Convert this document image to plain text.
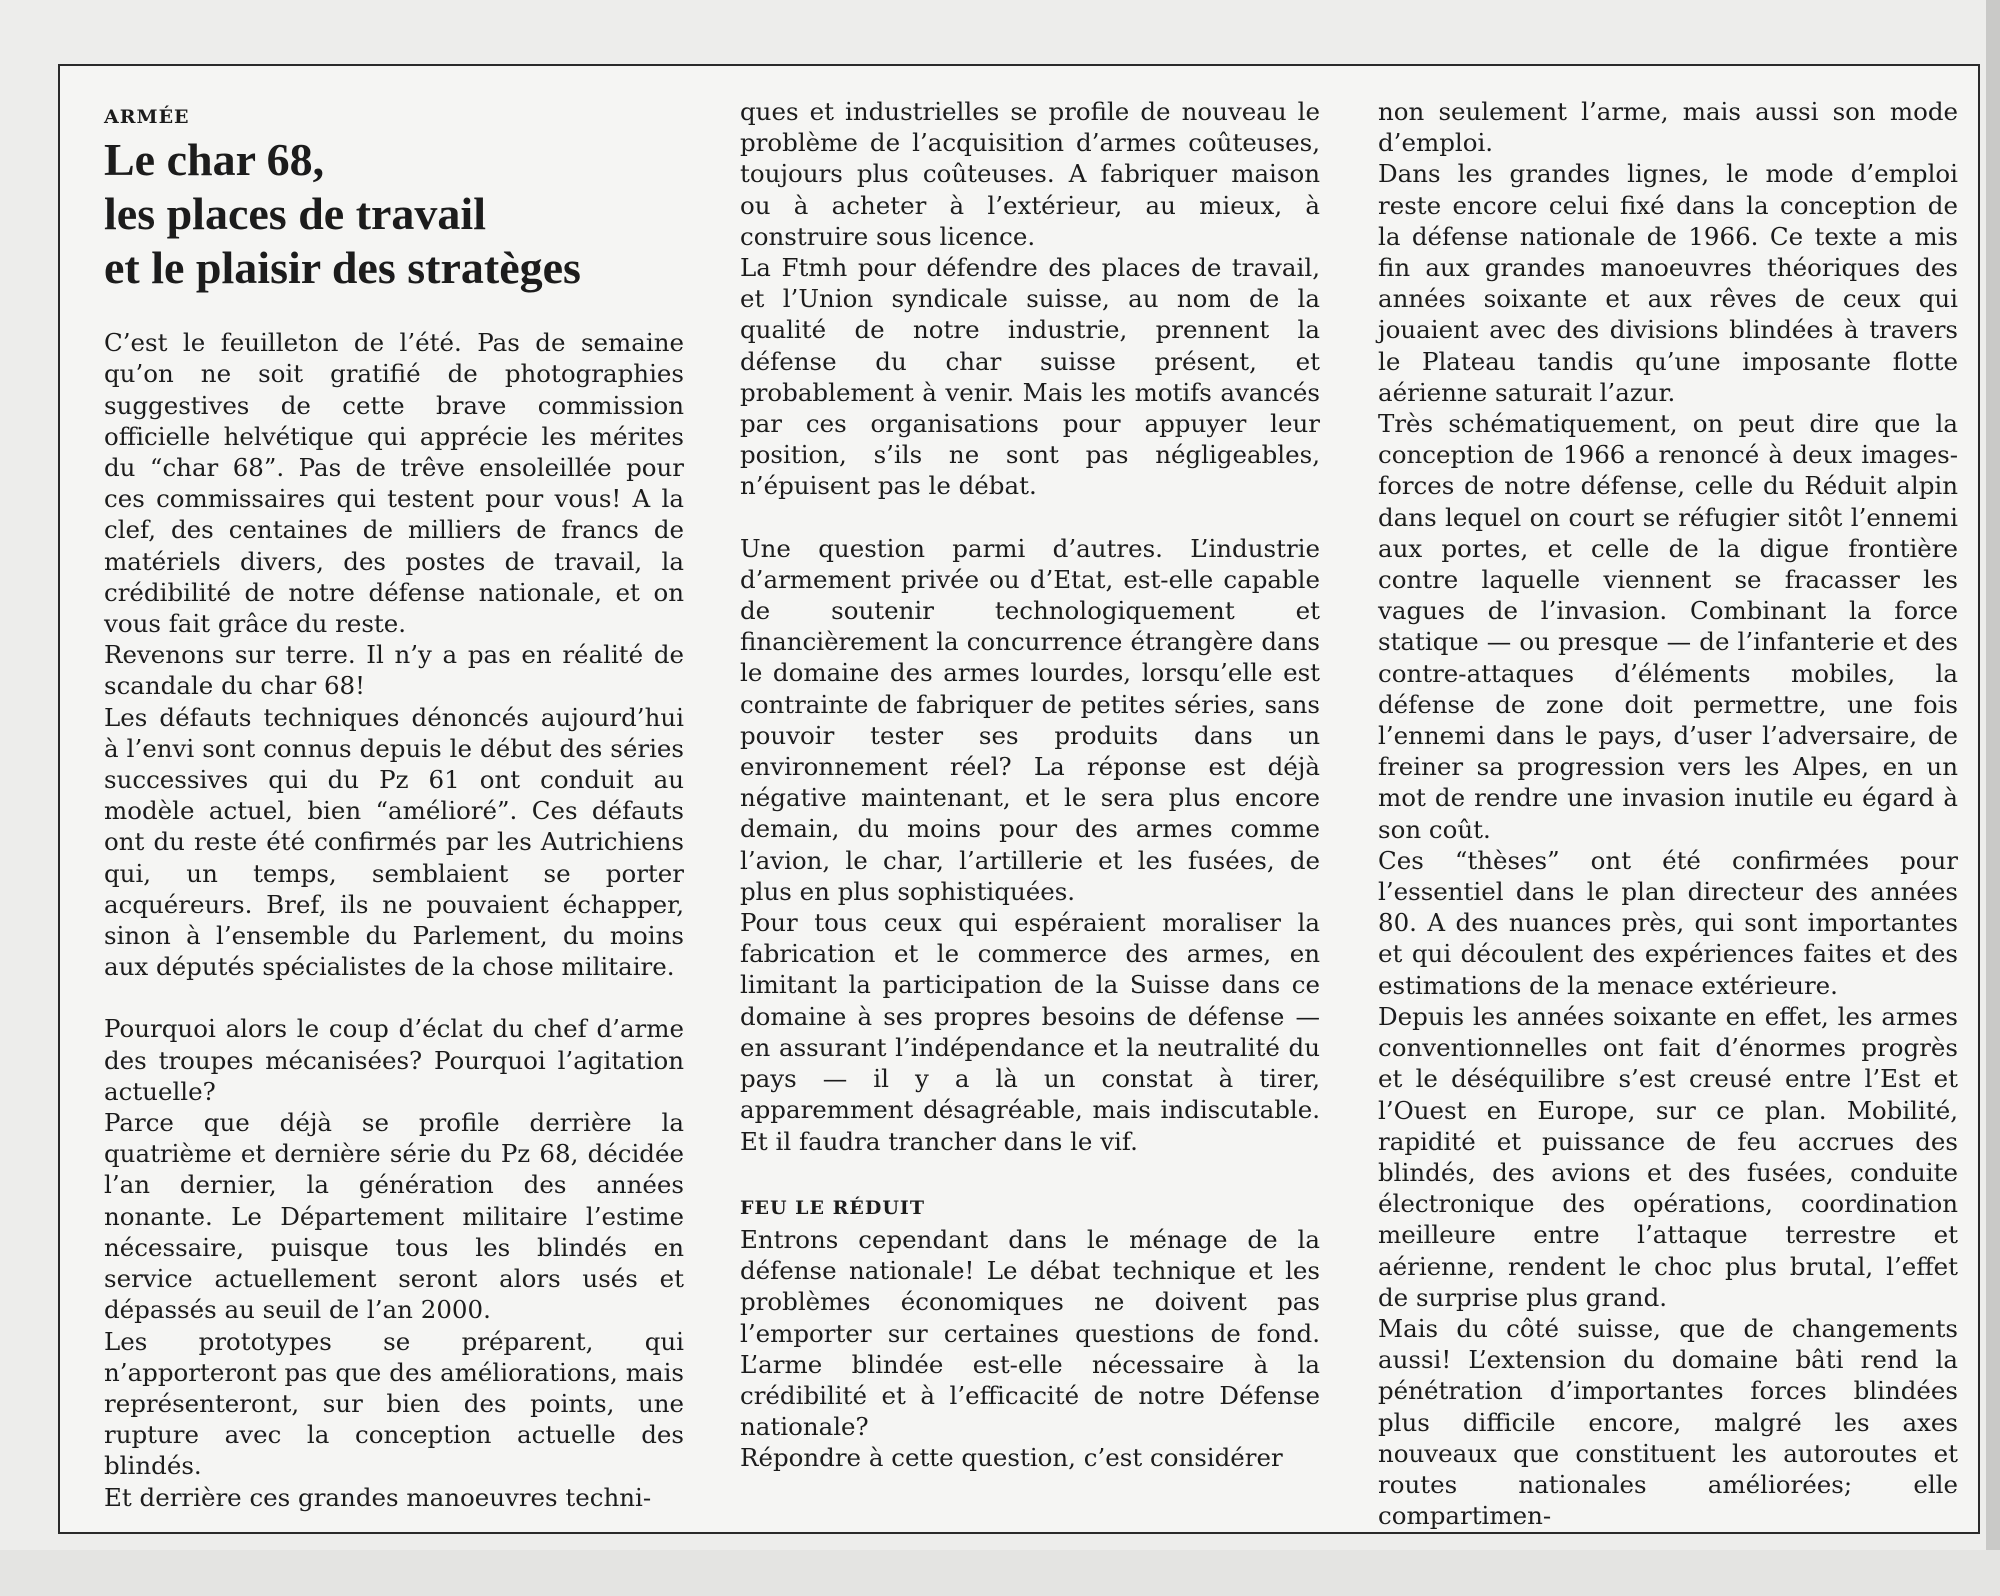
ARMÉE

Le char 68,
les places de travail
et le plaisir des stratèges

C’est le feuilleton de l’été. Pas de semaine qu’on ne soit gratifié de photographies suggestives de cette brave commission officielle helvétique qui apprécie les mérites du “char 68”. Pas de trêve ensoleillée pour ces commissaires qui testent pour vous! A la clef, des centaines de milliers de francs de matériels divers, des postes de travail, la crédibilité de notre défense nationale, et on vous fait grâce du reste.

Revenons sur terre. Il n’y a pas en réalité de scandale du char 68!

Les défauts techniques dénoncés aujourd’hui à l’envi sont connus depuis le début des séries successives qui du Pz 61 ont conduit au modèle actuel, bien “amélioré”. Ces défauts ont du reste été confirmés par les Autrichiens qui, un temps, semblaient se porter acquéreurs. Bref, ils ne pouvaient échapper, sinon à l’ensemble du Parlement, du moins aux députés spécialistes de la chose militaire.

Pourquoi alors le coup d’éclat du chef d’arme des troupes mécanisées? Pourquoi l’agitation actuelle?

Parce que déjà se profile derrière la quatrième et dernière série du Pz 68, décidée l’an dernier, la génération des années nonante. Le Département militaire l’estime nécessaire, puisque tous les blindés en service actuellement seront alors usés et dépassés au seuil de l’an 2000.

Les prototypes se préparent, qui n’apporteront pas que des améliorations, mais représenteront, sur bien des points, une rupture avec la conception actuelle des blindés.

Et derrière ces grandes manoeuvres techni-

ques et industrielles se profile de nouveau le problème de l’acquisition d’armes coûteuses, toujours plus coûteuses. A fabriquer maison ou à acheter à l’extérieur, au mieux, à construire sous licence.

La Ftmh pour défendre des places de travail, et l’Union syndicale suisse, au nom de la qualité de notre industrie, prennent la défense du char suisse présent, et probablement à venir. Mais les motifs avancés par ces organisations pour appuyer leur position, s’ils ne sont pas négligeables, n’épuisent pas le débat.

Une question parmi d’autres. L’industrie d’armement privée ou d’Etat, est-elle capable de soutenir technologiquement et financièrement la concurrence étrangère dans le domaine des armes lourdes, lorsqu’elle est contrainte de fabriquer de petites séries, sans pouvoir tester ses produits dans un environnement réel? La réponse est déjà négative maintenant, et le sera plus encore demain, du moins pour des armes comme l’avion, le char, l’artillerie et les fusées, de plus en plus sophistiquées.

Pour tous ceux qui espéraient moraliser la fabrication et le commerce des armes, en limitant la participation de la Suisse dans ce domaine à ses propres besoins de défense — en assurant l’indépendance et la neutralité du pays — il y a là un constat à tirer, apparemment désagréable, mais indiscutable. Et il faudra trancher dans le vif.

FEU LE RÉDUIT

Entrons cependant dans le ménage de la défense nationale! Le débat technique et les problèmes économiques ne doivent pas l’emporter sur certaines questions de fond. L’arme blindée est-elle nécessaire à la crédibilité et à l’efficacité de notre Défense nationale?

Répondre à cette question, c’est considérer

non seulement l’arme, mais aussi son mode d’emploi.

Dans les grandes lignes, le mode d’emploi reste encore celui fixé dans la conception de la défense nationale de 1966. Ce texte a mis fin aux grandes manoeuvres théoriques des années soixante et aux rêves de ceux qui jouaient avec des divisions blindées à travers le Plateau tandis qu’une imposante flotte aérienne saturait l’azur.

Très schématiquement, on peut dire que la conception de 1966 a renoncé à deux images-forces de notre défense, celle du Réduit alpin dans lequel on court se réfugier sitôt l’ennemi aux portes, et celle de la digue frontière contre laquelle viennent se fracasser les vagues de l’invasion. Combinant la force statique — ou presque — de l’infanterie et des contre-attaques d’éléments mobiles, la défense de zone doit permettre, une fois l’ennemi dans le pays, d’user l’adversaire, de freiner sa progression vers les Alpes, en un mot de rendre une invasion inutile eu égard à son coût.

Ces “thèses” ont été confirmées pour l’essentiel dans le plan directeur des années 80. A des nuances près, qui sont importantes et qui découlent des expériences faites et des estimations de la menace extérieure.

Depuis les années soixante en effet, les armes conventionnelles ont fait d’énormes progrès et le déséquilibre s’est creusé entre l’Est et l’Ouest en Europe, sur ce plan. Mobilité, rapidité et puissance de feu accrues des blindés, des avions et des fusées, conduite électronique des opérations, coordination meilleure entre l’attaque terrestre et aérienne, rendent le choc plus brutal, l’effet de surprise plus grand.

Mais du côté suisse, que de changements aussi! L’extension du domaine bâti rend la pénétration d’importantes forces blindées plus difficile encore, malgré les axes nouveaux que constituent les autoroutes et routes nationales améliorées; elle compartimen-
